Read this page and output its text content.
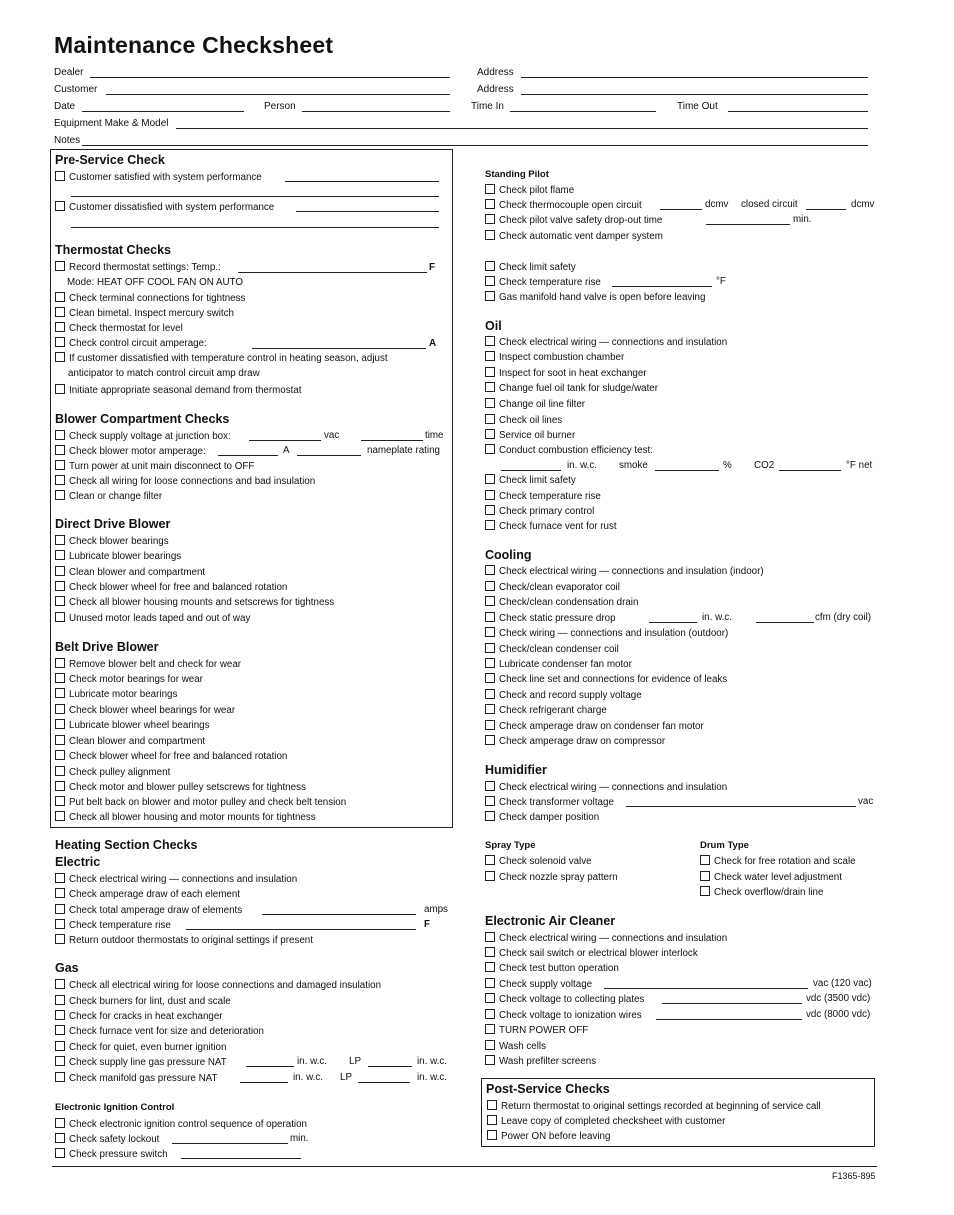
Maintenance Checksheet
Dealer
Customer
Date	Person
Address
Address
Time In	Time Out
Equipment Make & Model
Notes
Pre-Service Check
Customer satisfied with system performance
Customer dissatisfied with system performance
Thermostat Checks
Record thermostat settings: Temp.:	F
Mode: HEAT OFF COOL FAN ON AUTO
Check terminal connections for tightness
Clean bimetal. Inspect mercury switch
Check thermostat for level
Check control circuit amperage:	A
If customer dissatisfied with temperature control in heating season, adjust
anticipator to match control circuit amp draw
Initiate appropriate seasonal demand from thermostat
Blower Compartment Checks
Check supply voltage at junction box:	vac	time
Check blower motor amperage:	A	nameplate rating
Turn power at unit main disconnect to OFF
Check all wiring for loose connections and bad insulation
Clean or change filter
Direct Drive Blower
Check blower bearings
Lubricate blower bearings
Clean blower and compartment
Check blower wheel for free and balanced rotation
Check all blower housing mounts and setscrews for tightness
Unused motor leads taped and out of way
Belt Drive Blower
Remove blower belt and check for wear
Check motor bearings for wear
Lubricate motor bearings
Check blower wheel bearings for wear
Lubricate blower wheel bearings
Clean blower and compartment
Check blower wheel for free and balanced rotation
Check pulley alignment
Check motor and blower pulley setscrews for tightness
Put belt back on blower and motor pulley and check belt tension
Check all blower housing and motor mounts for tightness
Heating Section Checks
Electric
Check electrical wiring — connections and insulation
Check amperage draw of each element
Check total amperage draw of elements	amps
Check temperature rise	F
Return outdoor thermostats to original settings if present
Gas
Check all electrical wiring for loose connections and damaged insulation
Check burners for lint, dust and scale
Check for cracks in heat exchanger
Check furnace vent for size and deterioration
Check for quiet, even burner ignition
Check supply line gas pressure NAT	in. w.c. LP	in. w.c.
Check manifold gas pressure NAT	in. w.c. LP	in. w.c.
Electronic Ignition Control
Check electronic ignition control sequence of operation
Check safety lockout	min.
Check pressure switch
Standing Pilot
Check pilot flame
Check thermocouple open circuit	dcmv closed circuit	dcmv
Check pilot valve safety drop-out time	min.
Check automatic vent damper system
Check limit safety
Check temperature rise	°F
Gas manifold hand valve is open before leaving
Oil
Check electrical wiring — connections and insulation
Inspect combustion chamber
Inspect for soot in heat exchanger
Change fuel oil tank for sludge/water
Change oil line filter
Check oil lines
Service oil burner
Conduct combustion efficiency test:
in. w.c. smoke	% CO2	°F net
Check limit safety
Check temperature rise
Check primary control
Check furnace vent for rust
Cooling
Check electrical wiring — connections and insulation (indoor)
Check/clean evaporator coil
Check/clean condensation drain
Check static pressure drop	in. w.c.	cfm (dry coil)
Check wiring — connections and insulation (outdoor)
Check/clean condenser coil
Lubricate condenser fan motor
Check line set and connections for evidence of leaks
Check and record supply voltage
Check refrigerant charge
Check amperage draw on condenser fan motor
Check amperage draw on compressor
Humidifier
Check electrical wiring — connections and insulation
Check transformer voltage	vac
Check damper position
Spray Type
Check solenoid valve
Check nozzle spray pattern
Drum Type
Check for free rotation and scale
Check water level adjustment
Check overflow/drain line
Electronic Air Cleaner
Check electrical wiring — connections and insulation
Check sail switch or electrical blower interlock
Check test button operation
Check supply voltage	vac (120 vac)
Check voltage to collecting plates	vdc (3500 vdc)
Check voltage to ionization wires	vdc (8000 vdc)
TURN POWER OFF
Wash cells
Wash prefilter screens
Post-Service Checks
Return thermostat to original settings recorded at beginning of service call
Leave copy of completed checksheet with customer
Power ON before leaving
F1365-895
